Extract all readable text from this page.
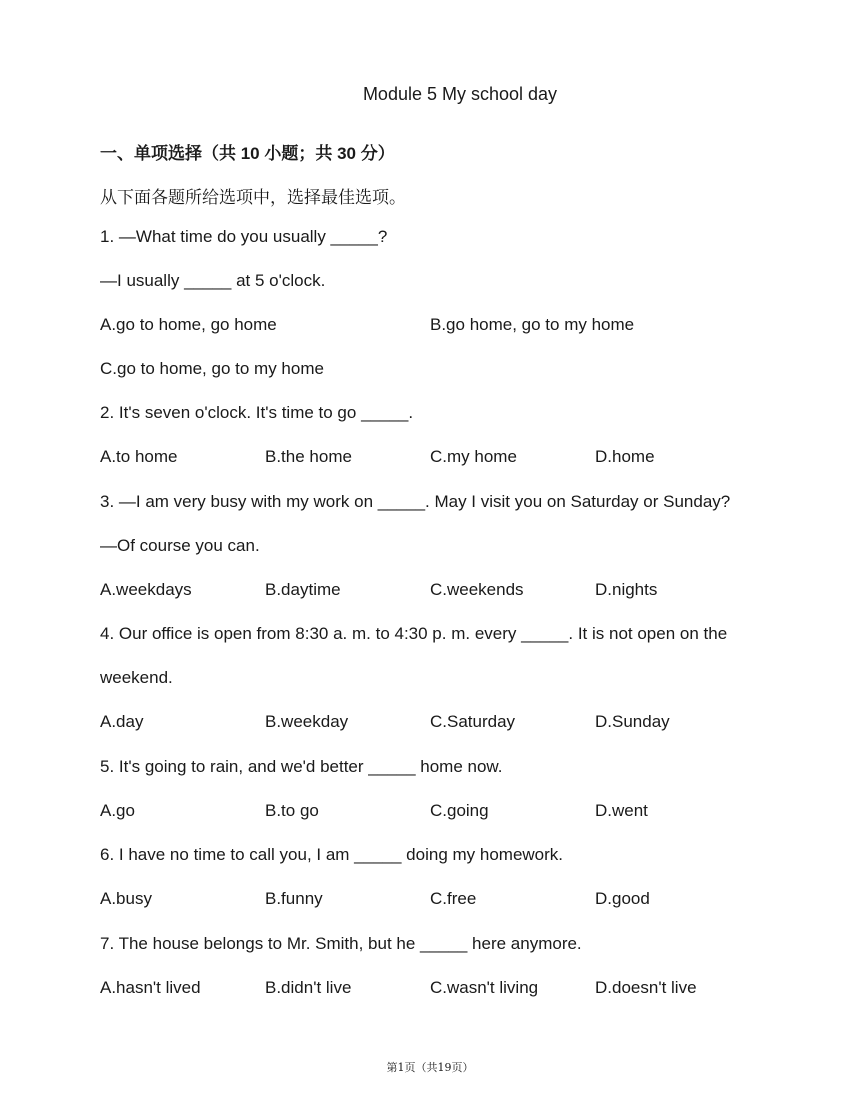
Module 5 My school day
一、单项选择（共 10 小题；共 30 分）
从下面各题所给选项中，选择最佳选项。
1. —What time do you usually _____?
—I usually _____ at 5 o'clock.
A.go to home, go home	B.go home, go to my home
C.go to home, go to my home
2. It's seven o'clock. It's time to go _____.
A.to home	B.the home	C.my home	D.home
3. —I am very busy with my work on _____. May I visit you on Saturday or Sunday?
—Of course you can.
A.weekdays	B.daytime	C.weekends	D.nights
4. Our office is open from 8:30 a. m. to 4:30 p. m. every _____. It is not open on the
weekend.
A.day	B.weekday	C.Saturday	D.Sunday
5. It's going to rain, and we'd better _____ home now.
A.go	B.to go	C.going	D.went
6. I have no time to call you, I am _____ doing my homework.
A.busy	B.funny	C.free	D.good
7. The house belongs to Mr. Smith, but he _____ here anymore.
A.hasn't lived	B.didn't live	C.wasn't living	D.doesn't live
第1页（共19页）
